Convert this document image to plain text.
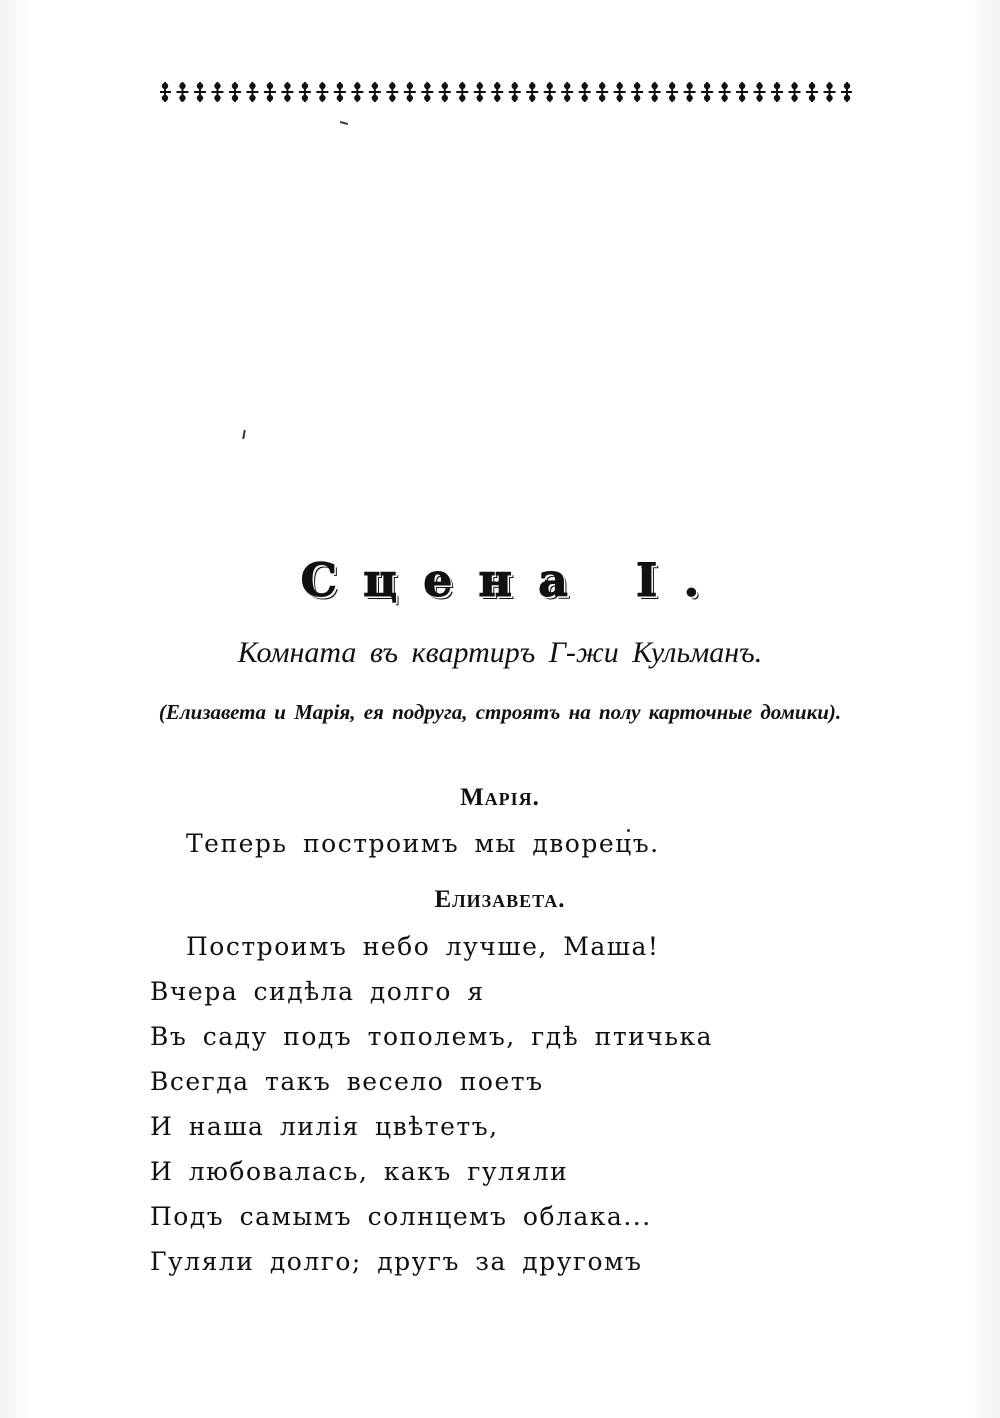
Сцена I.
Комната въ квартиръ Г-жи Кульманъ.
(Елизавета и Марія, ея подруга, строятъ на полу карточные домики).
Марія.
Теперь построимъ мы дворецъ.
Елизавета.
Построимъ небо лучше, Маша!
Вчера сидѣла долго я
Въ саду подъ тополемъ, гдѣ птичька
Всегда такъ весело поетъ
И наша лилія цвѣтетъ,
И любовалась, какъ гуляли
Подъ самымъ солнцемъ облака...
Гуляли долго; другъ за другомъ
